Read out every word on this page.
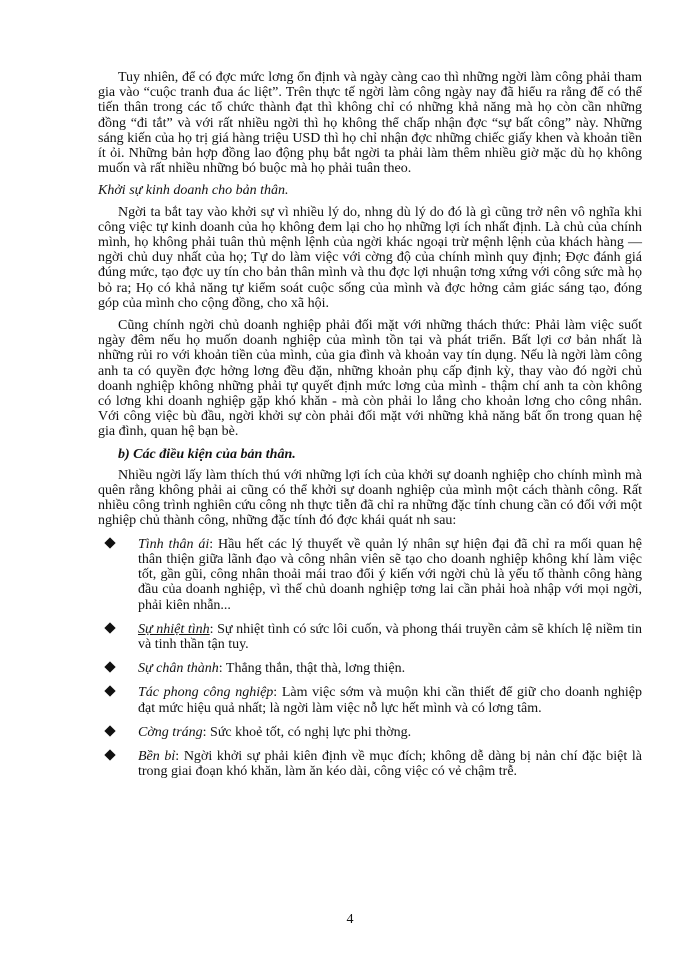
Tuy nhiên, để có đợc mức lơng ổn định và ngày càng cao thì những ngời làm công phải tham gia vào “cuộc tranh đua ác liệt”. Trên thực tế ngời làm công ngày nay đã hiểu ra rằng để có thể tiến thân trong các tổ chức thành đạt thì không chỉ có những khả năng mà họ còn cần những đồng “đi tắt” và với rất nhiều ngời thì họ không thể chấp nhận đợc “sự bất công” này. Những sáng kiến của họ trị giá hàng triệu USD thì họ chỉ nhận đợc những chiếc giấy khen và khoản tiền ít ỏi. Những bản hợp đồng lao động phụ bắt ngời ta phải làm thêm nhiều giờ mặc dù họ không muốn và rất nhiều những bó buộc mà họ phải tuân theo.

Khởi sự kinh doanh cho bản thân.

Ngời ta bắt tay vào khởi sự vì nhiều lý do, nhng dù lý do đó là gì cũng trở nên vô nghĩa khi công việc tự kinh doanh của họ không đem lại cho họ những lợi ích nhất định. Là chủ của chính mình, họ không phải tuân thủ mệnh lệnh của ngời khác ngoại trừ mệnh lệnh của khách hàng — ngời chủ duy nhất của họ; Tự do làm việc với cờng độ của chính mình quy định; Đợc đánh giá đúng mức, tạo đợc uy tín cho bản thân mình và thu đợc lợi nhuận tơng xứng với công sức mà họ bỏ ra; Họ có khả năng tự kiểm soát cuộc sống của mình và đợc hởng cảm giác sáng tạo, đóng góp của mình cho cộng đồng, cho xã hội.

Cũng chính ngời chủ doanh nghiệp phải đối mặt với những thách thức: Phải làm việc suốt ngày đêm nếu họ muốn doanh nghiệp của mình tồn tại và phát triển. Bất lợi cơ bản nhất là những rủi ro với khoản tiền của mình, của gia đình và khoản vay tín dụng. Nếu là ngời làm công anh ta có quyền đợc hởng lơng đều đặn, những khoản phụ cấp định kỳ, thay vào đó ngời chủ doanh nghiệp không những phải tự quyết định mức lơng của mình - thậm chí anh ta còn không có lơng khi doanh nghiệp gặp khó khăn - mà còn phải lo lắng cho khoản lơng cho công nhân. Với công việc bù đầu, ngời khởi sự còn phải đối mặt với những khả năng bất ổn trong quan hệ gia đình, quan hệ bạn bè.

b) Các điều kiện của bản thân.

Nhiều ngời lấy làm thích thú với những lợi ích của khởi sự doanh nghiệp cho chính mình mà quên rằng không phải ai cũng có thể khởi sự doanh nghiệp của mình một cách thành công. Rất nhiều công trình nghiên cứu công nh thực tiễn đã chỉ ra những đặc tính chung cần có đối với một nghiệp chủ thành công, những đặc tính đó đợc khái quát nh sau:

Tình thân ái: Hầu hết các lý thuyết về quản lý nhân sự hiện đại đã chỉ ra mối quan hệ thân thiện giữa lãnh đạo và công nhân viên sẽ tạo cho doanh nghiệp không khí làm việc tốt, gần gũi, công nhân thoải mái trao đổi ý kiến với ngời chủ là yếu tố thành công hàng đầu của doanh nghiệp, vì thế chủ doanh nghiệp tơng lai cần phải hoà nhập với mọi ngời, phải kiên nhẫn...
Sự nhiệt tình: Sự nhiệt tình có sức lôi cuốn, và phong thái truyền cảm sẽ khích lệ niềm tin và tinh thần tận tuy.
Sự chân thành: Thẳng thắn, thật thà, lơng thiện.
Tác phong công nghiệp: Làm việc sớm và muộn khi cần thiết để giữ cho doanh nghiệp đạt mức hiệu quả nhất; là ngời làm việc nỗ lực hết mình và có lơng tâm.
Cờng tráng: Sức khoẻ tốt, có nghị lực phi thờng.
Bền bỉ: Ngời khởi sự phải kiên định về mục đích; không dễ dàng bị nản chí đặc biệt là trong giai đoạn khó khăn, làm ăn kéo dài, công việc có vẻ chậm trễ.
4
